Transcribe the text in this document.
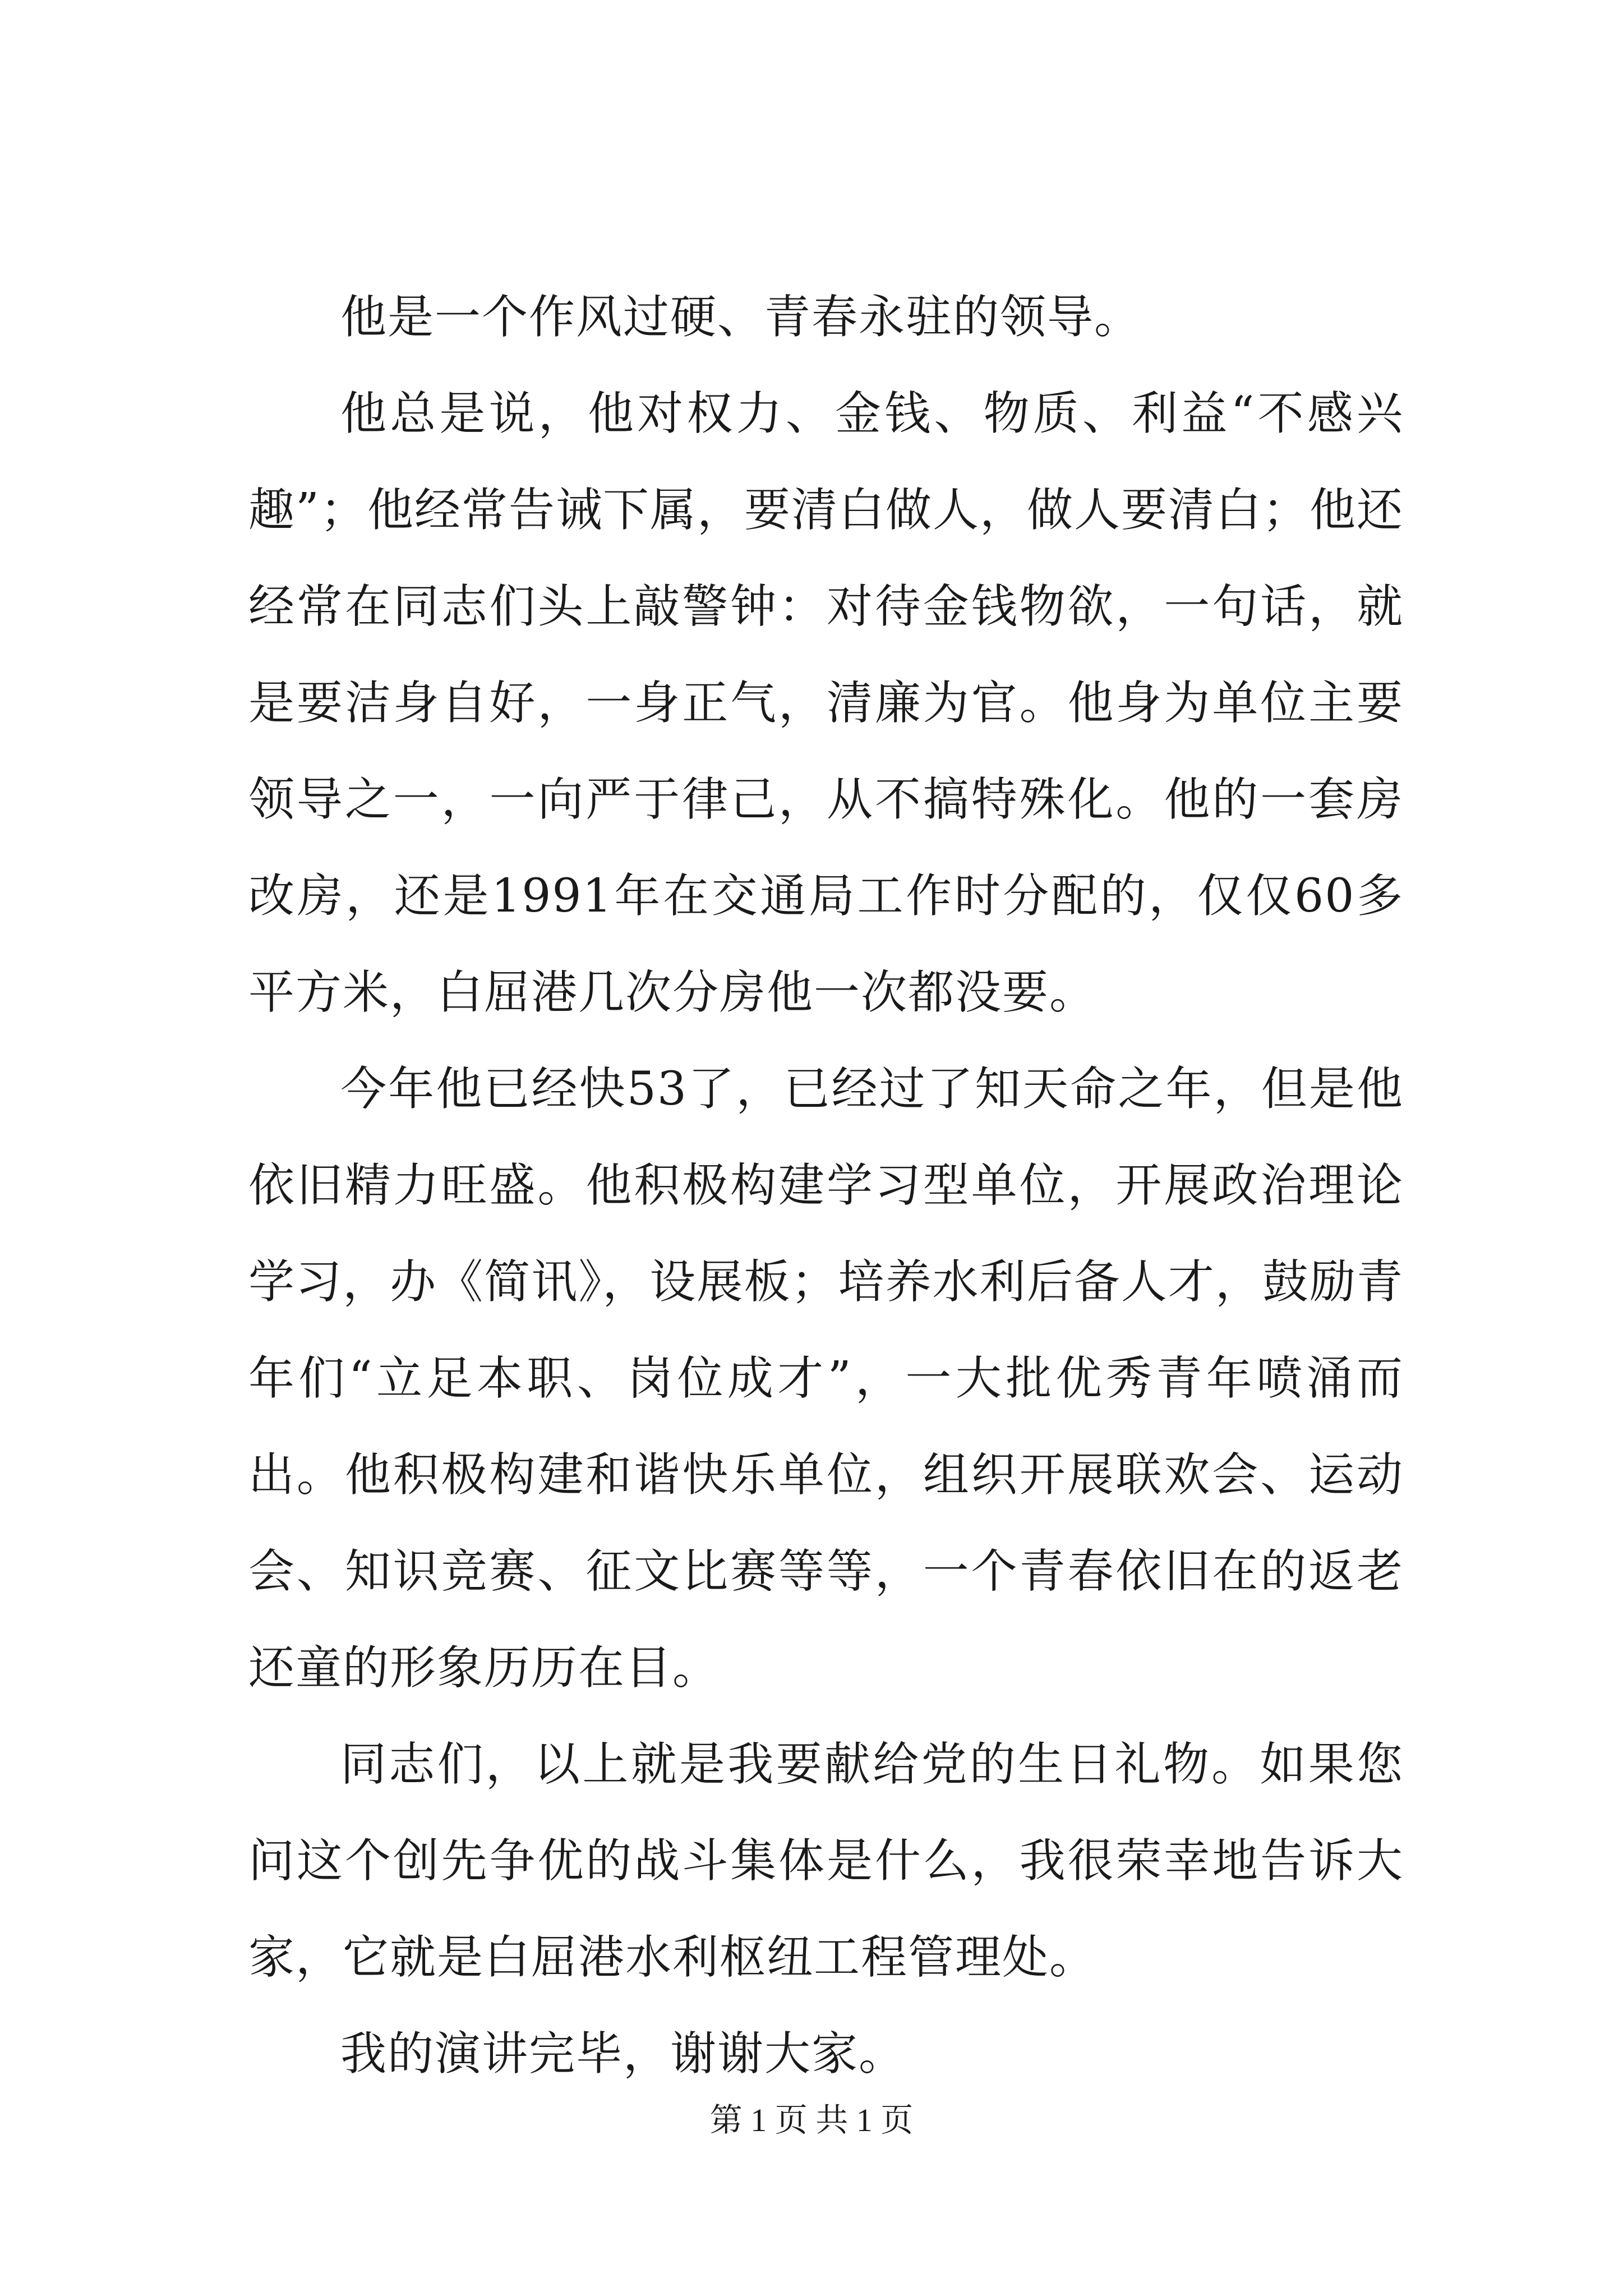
他是一个作风过硬、青春永驻的领导。

他总是说，他对权力、金钱、物质、利益“不感兴趣”；他经常告诫下属，要清白做人，做人要清白；他还经常在同志们头上敲警钟：对待金钱物欲，一句话，就是要洁身自好，一身正气，清廉为官。他身为单位主要领导之一，一向严于律己，从不搞特殊化。他的一套房改房，还是1991年在交通局工作时分配的，仅仅60多平方米，白屈港几次分房他一次都没要。

今年他已经快53了，已经过了知天命之年，但是他依旧精力旺盛。他积极构建学习型单位，开展政治理论学习，办《简讯》，设展板；培养水利后备人才，鼓励青年们“立足本职、岗位成才”，一大批优秀青年喷涌而出。他积极构建和谐快乐单位，组织开展联欢会、运动会、知识竞赛、征文比赛等等，一个青春依旧在的返老还童的形象历历在目。

同志们，以上就是我要献给党的生日礼物。如果您问这个创先争优的战斗集体是什么，我很荣幸地告诉大家，它就是白屈港水利枢纽工程管理处。

我的演讲完毕，谢谢大家。

第 1 页 共 1 页
